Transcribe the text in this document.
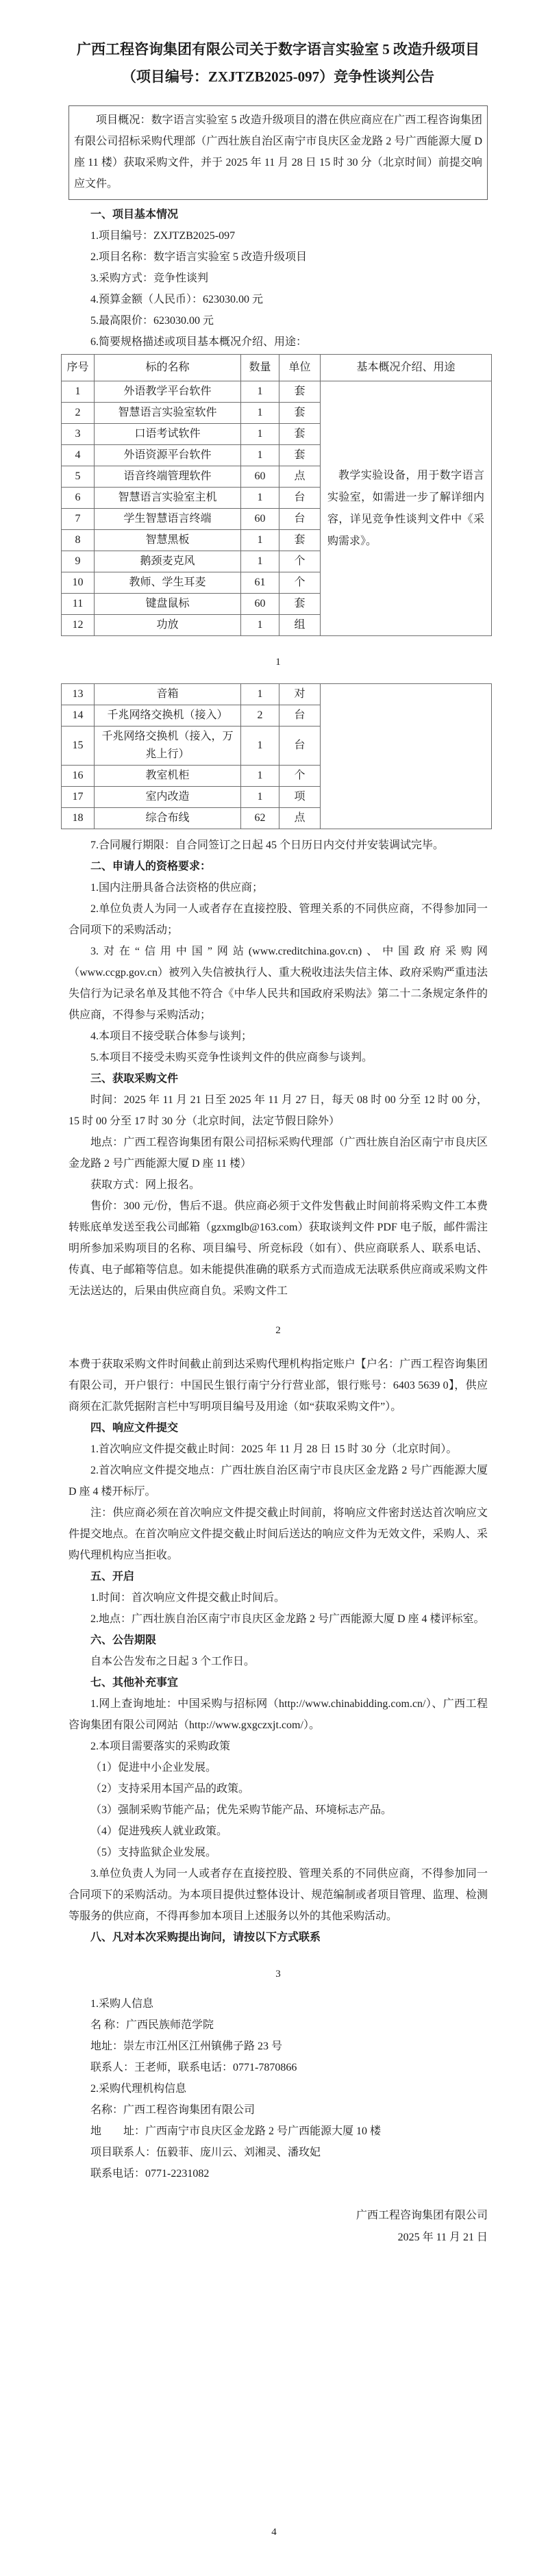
广西工程咨询集团有限公司关于数字语言实验室 5 改造升级项目
（项目编号：ZXJTZB2025-097）竞争性谈判公告

项目概况：数字语言实验室 5 改造升级项目的潜在供应商应在广西工程咨询集团有限公司招标采购代理部（广西壮族自治区南宁市良庆区金龙路 2 号广西能源大厦 D 座 11 楼）获取采购文件，并于 2025 年 11 月 28 日 15 时 30 分（北京时间）前提交响应文件。

一、项目基本情况

1.项目编号：ZXJTZB2025-097

2.项目名称：数字语言实验室 5 改造升级项目

3.采购方式：竞争性谈判

4.预算金额（人民币）：623030.00 元

5.最高限价：623030.00 元

6.简要规格描述或项目基本概况介绍、用途：

序号	标的名称	数量	单位	基本概况介绍、用途
1	外语教学平台软件	1	套	教学实验设备，用于数字语言实验室，如需进一步了解详细内容，详见竞争性谈判文件中《采购需求》。

2	智慧语言实验室软件	1	套	
3	口语考试软件	1	套	
4	外语资源平台软件	1	套	
5	语音终端管理软件	60	点	
6	智慧语言实验室主机	1	台	
7	学生智慧语言终端	60	台	
8	智慧黑板	1	套	
9	鹅颈麦克风	1	个	
10	教师、学生耳麦	61	个	
11	键盘鼠标	60	套	
12	功放	1	组	
1
13	音箱	1	对	
14	千兆网络交换机（接入）	2	台	
15	千兆网络交换机（接入，万兆上行）	1	台	
16	教室机柜	1	个	
17	室内改造	1	项	
18	综合布线	62	点	

7.合同履行期限：自合同签订之日起 45 个日历日内交付并安装调试完毕。

二、申请人的资格要求：

1.国内注册具备合法资格的供应商；

2.单位负责人为同一人或者存在直接控股、管理关系的不同供应商，不得参加同一合同项下的采购活动；

3.对在“信用中国”网站(www.creditchina.gov.cn)、中国政府采购网（www.ccgp.gov.cn）被列入失信被执行人、重大税收违法失信主体、政府采购严重违法失信行为记录名单及其他不符合《中华人民共和国政府采购法》第二十二条规定条件的供应商，不得参与采购活动；

4.本项目不接受联合体参与谈判；

5.本项目不接受未购买竞争性谈判文件的供应商参与谈判。

三、获取采购文件

时间：2025 年 11 月 21 日至 2025 年 11 月 27 日，每天 08 时 00 分至 12 时 00 分，15 时 00 分至 17 时 30 分（北京时间，法定节假日除外）

地点：广西工程咨询集团有限公司招标采购代理部（广西壮族自治区南宁市良庆区金龙路 2 号广西能源大厦 D 座 11 楼）

获取方式：网上报名。

售价：300 元/份，售后不退。供应商必须于文件发售截止时间前将采购文件工本费转账底单发送至我公司邮箱（gzxmglb@163.com）获取谈判文件 PDF 电子版，邮件需注明所参加采购项目的名称、项目编号、所竞标段（如有）、供应商联系人、联系电话、传真、电子邮箱等信息。如未能提供准确的联系方式而造成无法联系供应商或采购文件无法送达的，后果由供应商自负。采购文件工

2

本费于获取采购文件时间截止前到达采购代理机构指定账户【户名：广西工程咨询集团有限公司，开户银行：中国民生银行南宁分行营业部，银行账号：6403 5639 0】，供应商须在汇款凭据附言栏中写明项目编号及用途（如“获取采购文件”）。

四、响应文件提交

1.首次响应文件提交截止时间：2025 年 11 月 28 日 15 时 30 分（北京时间）。

2.首次响应文件提交地点：广西壮族自治区南宁市良庆区金龙路 2 号广西能源大厦 D 座 4 楼开标厅。

注：供应商必须在首次响应文件提交截止时间前，将响应文件密封送达首次响应文件提交地点。在首次响应文件提交截止时间后送达的响应文件为无效文件，采购人、采购代理机构应当拒收。

五、开启

1.时间：首次响应文件提交截止时间后。

2.地点：广西壮族自治区南宁市良庆区金龙路 2 号广西能源大厦 D 座 4 楼评标室。

六、公告期限

自本公告发布之日起 3 个工作日。

七、其他补充事宜

1.网上查询地址：中国采购与招标网（http://www.chinabidding.com.cn/）、广西工程咨询集团有限公司网站（http://www.gxgczxjt.com/）。

2.本项目需要落实的采购政策

（1）促进中小企业发展。

（2）支持采用本国产品的政策。

（3）强制采购节能产品；优先采购节能产品、环境标志产品。

（4）促进残疾人就业政策。

（5）支持监狱企业发展。

3.单位负责人为同一人或者存在直接控股、管理关系的不同供应商，不得参加同一合同项下的采购活动。为本项目提供过整体设计、规范编制或者项目管理、监理、检测等服务的供应商，不得再参加本项目上述服务以外的其他采购活动。

八、凡对本次采购提出询问，请按以下方式联系

3

1.采购人信息

名 称：广西民族师范学院

地址：崇左市江州区江州镇佛子路 23 号

联系人：王老师，联系电话：0771-7870866

2.采购代理机构信息

名称：广西工程咨询集团有限公司

地　　址：广西南宁市良庆区金龙路 2 号广西能源大厦 10 楼

项目联系人：伍毅菲、庞川云、刘湘灵、潘玫妃

联系电话：0771-2231082

广西工程咨询集团有限公司
2025 年 11 月 21 日
4
